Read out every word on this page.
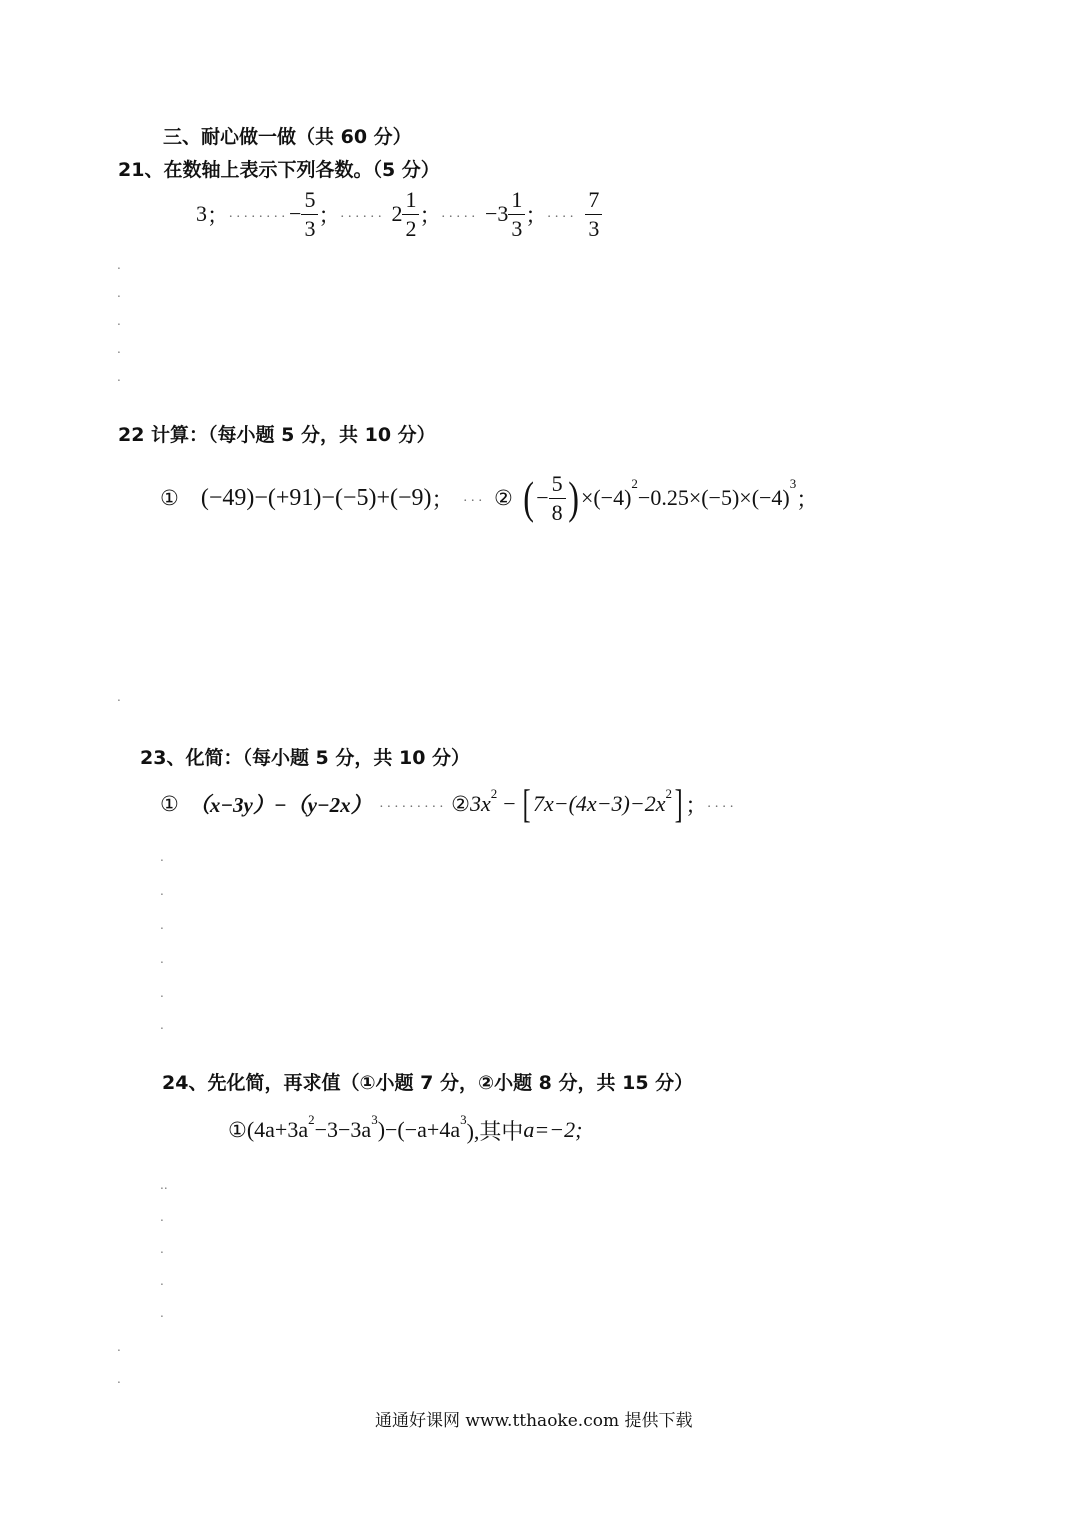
三、耐心做一做（共 60 分）
21、在数轴上表示下列各数。（5 分）
3 ； ........ − $\frac{5}{3}$ ； ...... $2 \frac{1}{2}$ ； ..... $-3 \frac{1}{3}$ ； .... $\frac{7}{3}$
.
.
.
.
.
22 计算：（每小题 5 分，共 10 分）
① (−49)−(+91)−(−5)+(−9) ； ... ② ( − $\frac{5}{8}$ ) ×(−4)
$^2$
−0.25×(−5)×(−4)
$^3$
；
.
23、化简：（每小题 5 分，共 10 分）
① （x−3y）−（y−2x） ......... ② $3x^2$ − [ $7x-(4x-3)-2x^2$ ] ； ....
.
.
.
.
.
.
24、先化简，再求值（①小题 7 分，②小题 8 分，共 15 分）
① ($4a+3a^2 -3-3a^3$ )$-(-a+4a^3$ ),其中 a=−2;
..
.
.
.
.
.
.
通通好课网 www.tthaoke.com 提供下载
